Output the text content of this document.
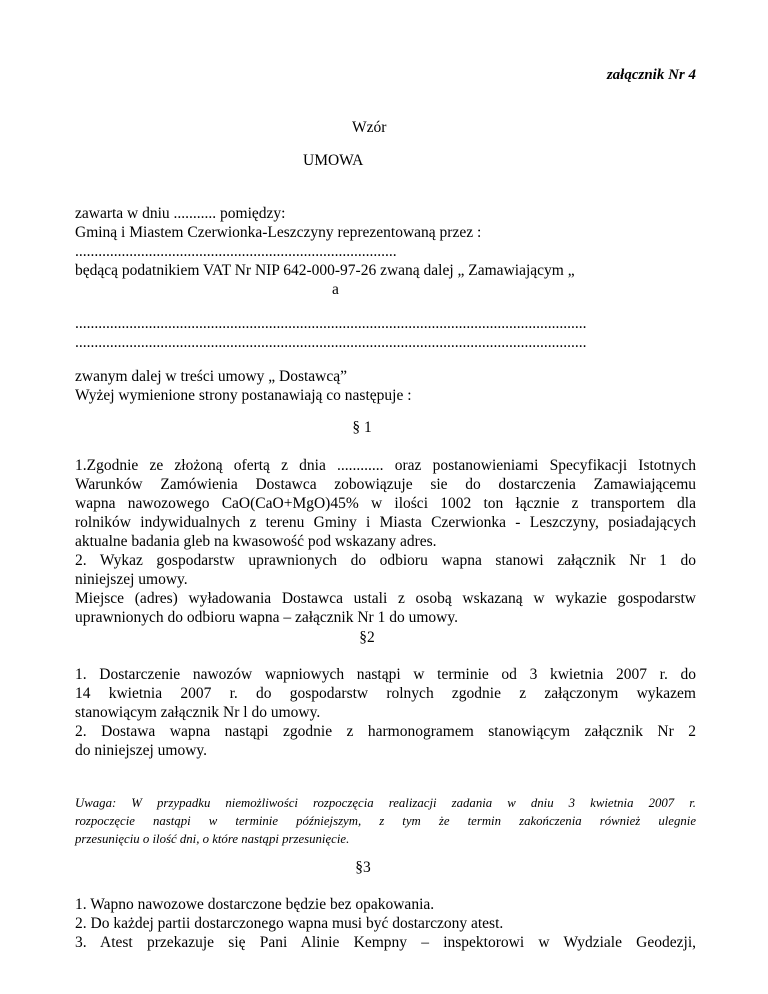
załącznik Nr 4
Wzór
UMOWA
zawarta w dniu ........... pomiędzy:
Gminą i Miastem Czerwionka-Leszczyny reprezentowaną przez :
...................................................................................
będącą podatnikiem VAT Nr NIP 642-000-97-26 zwaną dalej „ Zamawiającym „
a
....................................................................................................................................
....................................................................................................................................
zwanym dalej w treści umowy „ Dostawcą”
Wyżej wymienione strony postanawiają co następuje :
§ 1
1.Zgodnie ze złożoną ofertą z dnia ............ oraz postanowieniami Specyfikacji Istotnych
Warunków Zamówienia Dostawca zobowiązuje sie do dostarczenia Zamawiającemu
wapna nawozowego CaO(CaO+MgO)45% w ilości 1002 ton łącznie z transportem dla
rolników indywidualnych z terenu Gminy i Miasta Czerwionka - Leszczyny, posiadających
aktualne badania gleb na kwasowość pod wskazany adres.
2. Wykaz gospodarstw uprawnionych do odbioru wapna stanowi załącznik Nr 1 do
niniejszej umowy.
Miejsce (adres) wyładowania Dostawca ustali z osobą wskazaną w wykazie gospodarstw
uprawnionych do odbioru wapna – załącznik Nr 1 do umowy.
§2
1. Dostarczenie nawozów wapniowych nastąpi w terminie od 3 kwietnia 2007 r. do
14 kwietnia 2007 r. do gospodarstw rolnych zgodnie z załączonym wykazem
stanowiącym załącznik Nr l do umowy.
2. Dostawa wapna nastąpi zgodnie z harmonogramem stanowiącym załącznik Nr 2
do niniejszej umowy.
Uwaga: W przypadku niemożliwości rozpoczęcia realizacji zadania w dniu 3 kwietnia 2007 r.
rozpoczęcie nastąpi w terminie późniejszym, z tym że termin zakończenia również ulegnie
przesunięciu o ilość dni, o które nastąpi przesunięcie.
§3
1. Wapno nawozowe dostarczone będzie bez opakowania.
2. Do każdej partii dostarczonego wapna musi być dostarczony atest.
3. Atest przekazuje się Pani Alinie Kempny – inspektorowi w Wydziale Geodezji,
